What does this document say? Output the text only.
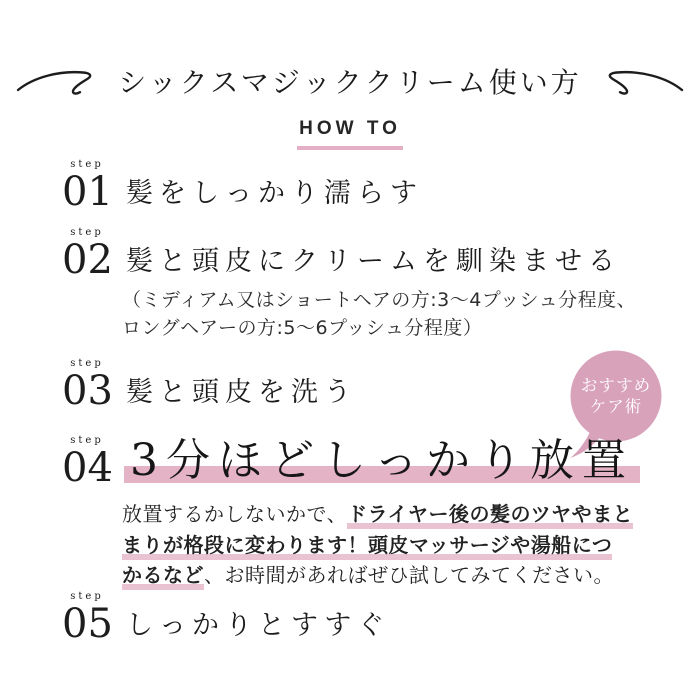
シックスマジッククリーム使い方
HOW TO
step
01 髪をしっかり濡らす
step
02 髪と頭皮にクリームを馴染ませる
（ミディアム又はショートヘアの方:3〜4プッシュ分程度、
ロングヘアーの方:5〜6プッシュ分程度）
step
03 髪と頭皮を洗う	おすすめ
ケア術
step
04 3分ほどしっかり放置
放置するかしないかで、ドライヤー後の髪のツヤやまと
まりが格段に変わります！頭皮マッサージや湯船につ
かるなど、お時間があればぜひ試してみてください。
step
05 しっかりとすすぐ
